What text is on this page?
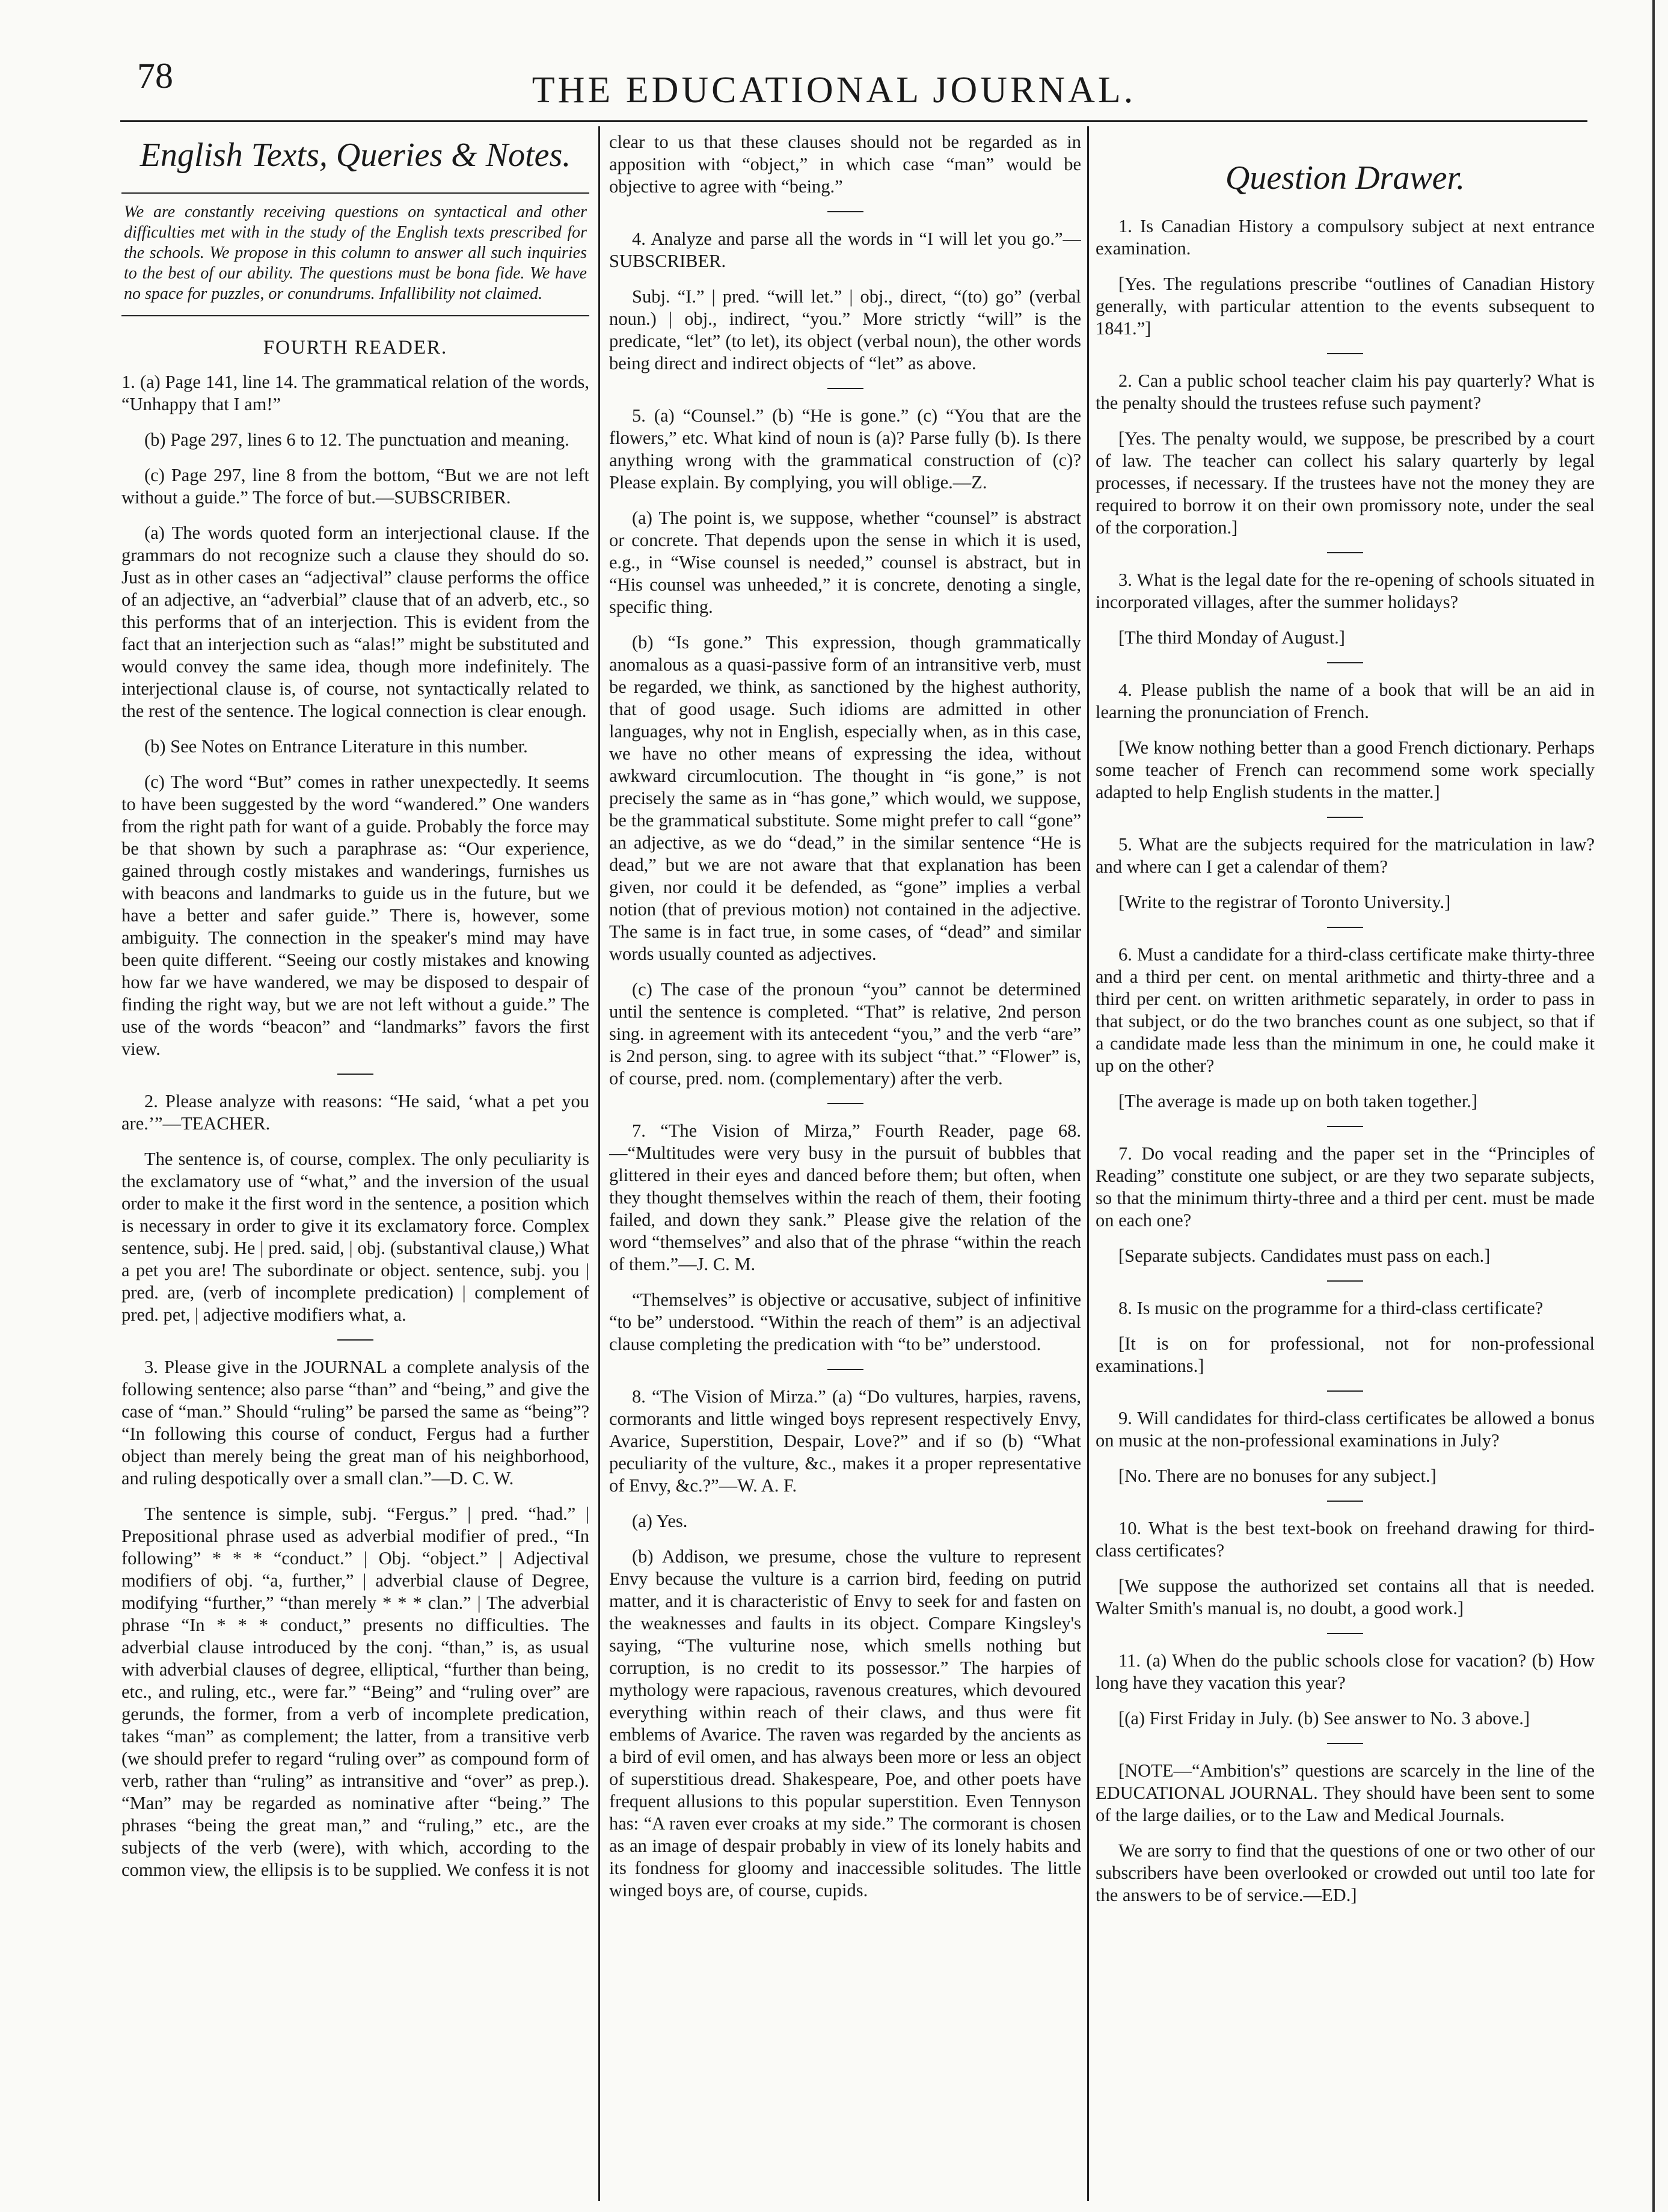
78	THE EDUCATIONAL JOURNAL.
English Texts, Queries & Notes.
We are constantly receiving questions on syntactical and other difficulties met with in the study of the English texts prescribed for the schools. We propose in this column to answer all such inquiries to the best of our ability. The questions must be bona fide. We have no space for puzzles, or conundrums. Infallibility not claimed.
FOURTH READER.

1. (a) Page 141, line 14. The grammatical relation of the words, “Unhappy that I am!”

(b) Page 297, lines 6 to 12. The punctuation and meaning.

(c) Page 297, line 8 from the bottom, “But we are not left without a guide.” The force of but.—SUBSCRIBER.

(a) The words quoted form an interjectional clause. If the grammars do not recognize such a clause they should do so. Just as in other cases an “adjectival” clause performs the office of an adjective, an “adverbial” clause that of an adverb, etc., so this performs that of an interjection. This is evident from the fact that an interjection such as “alas!” might be substituted and would convey the same idea, though more indefinitely. The interjectional clause is, of course, not syntactically related to the rest of the sentence. The logical connection is clear enough.

(b) See Notes on Entrance Literature in this number.

(c) The word “But” comes in rather unexpectedly. It seems to have been suggested by the word “wandered.” One wanders from the right path for want of a guide. Probably the force may be that shown by such a paraphrase as: “Our experience, gained through costly mistakes and wanderings, furnishes us with beacons and landmarks to guide us in the future, but we have a better and safer guide.” There is, however, some ambiguity. The connection in the speaker's mind may have been quite different. “Seeing our costly mistakes and knowing how far we have wandered, we may be disposed to despair of finding the right way, but we are not left without a guide.” The use of the words “beacon” and “landmarks” favors the first view.

2. Please analyze with reasons: “He said, ‘what a pet you are.’”—TEACHER.

The sentence is, of course, complex. The only peculiarity is the exclamatory use of “what,” and the inversion of the usual order to make it the first word in the sentence, a position which is necessary in order to give it its exclamatory force. Complex sentence, subj. He | pred. said, | obj. (substantival clause,) What a pet you are! The subordinate or object. sentence, subj. you | pred. are, (verb of incomplete predication) | complement of pred. pet, | adjective modifiers what, a.

3. Please give in the JOURNAL a complete analysis of the following sentence; also parse “than” and “being,” and give the case of “man.” Should “ruling” be parsed the same as “being”? “In following this course of conduct, Fergus had a further object than merely being the great man of his neighborhood, and ruling despotically over a small clan.”—D. C. W.

The sentence is simple, subj. “Fergus.” | pred. “had.” | Prepositional phrase used as adverbial modifier of pred., “In following” * * * “conduct.” | Obj. “object.” | Adjectival modifiers of obj. “a, further,” | adverbial clause of Degree, modifying “further,” “than merely * * * clan.” | The adverbial phrase “In * * * conduct,” presents no difficulties. The adverbial clause introduced by the conj. “than,” is, as usual with adverbial clauses of degree, elliptical, “further than being, etc., and ruling, etc., were far.” “Being” and “ruling over” are gerunds, the former, from a verb of incomplete predication, takes “man” as complement; the latter, from a transitive verb (we should prefer to regard “ruling over” as compound form of verb, rather than “ruling” as intransitive and “over” as prep.). “Man” may be regarded as nominative after “being.” The phrases “being the great man,” and “ruling,” etc., are the subjects of the verb (were), with which, according to the common view, the ellipsis is to be supplied. We confess it is not

clear to us that these clauses should not be regarded as in apposition with “object,” in which case “man” would be objective to agree with “being.”

4. Analyze and parse all the words in “I will let you go.”—SUBSCRIBER.

Subj. “I.” | pred. “will let.” | obj., direct, “(to) go” (verbal noun.) | obj., indirect, “you.” More strictly “will” is the predicate, “let” (to let), its object (verbal noun), the other words being direct and indirect objects of “let” as above.

5. (a) “Counsel.” (b) “He is gone.” (c) “You that are the flowers,” etc. What kind of noun is (a)? Parse fully (b). Is there anything wrong with the grammatical construction of (c)? Please explain. By complying, you will oblige.—Z.

(a) The point is, we suppose, whether “counsel” is abstract or concrete. That depends upon the sense in which it is used, e.g., in “Wise counsel is needed,” counsel is abstract, but in “His counsel was unheeded,” it is concrete, denoting a single, specific thing.

(b) “Is gone.” This expression, though grammatically anomalous as a quasi-passive form of an intransitive verb, must be regarded, we think, as sanctioned by the highest authority, that of good usage. Such idioms are admitted in other languages, why not in English, especially when, as in this case, we have no other means of expressing the idea, without awkward circumlocution. The thought in “is gone,” is not precisely the same as in “has gone,” which would, we suppose, be the grammatical substitute. Some might prefer to call “gone” an adjective, as we do “dead,” in the similar sentence “He is dead,” but we are not aware that that explanation has been given, nor could it be defended, as “gone” implies a verbal notion (that of previous motion) not contained in the adjective. The same is in fact true, in some cases, of “dead” and similar words usually counted as adjectives.

(c) The case of the pronoun “you” cannot be determined until the sentence is completed. “That” is relative, 2nd person sing. in agreement with its antecedent “you,” and the verb “are” is 2nd person, sing. to agree with its subject “that.” “Flower” is, of course, pred. nom. (complementary) after the verb.

7. “The Vision of Mirza,” Fourth Reader, page 68.—“Multitudes were very busy in the pursuit of bubbles that glittered in their eyes and danced before them; but often, when they thought themselves within the reach of them, their footing failed, and down they sank.” Please give the relation of the word “themselves” and also that of the phrase “within the reach of them.”—J. C. M.

“Themselves” is objective or accusative, subject of infinitive “to be” understood. “Within the reach of them” is an adjectival clause completing the predication with “to be” understood.

8. “The Vision of Mirza.” (a) “Do vultures, harpies, ravens, cormorants and little winged boys represent respectively Envy, Avarice, Superstition, Despair, Love?” and if so (b) “What peculiarity of the vulture, &c., makes it a proper representative of Envy, &c.?”—W. A. F.

(a) Yes.

(b) Addison, we presume, chose the vulture to represent Envy because the vulture is a carrion bird, feeding on putrid matter, and it is characteristic of Envy to seek for and fasten on the weaknesses and faults in its object. Compare Kingsley's saying, “The vulturine nose, which smells nothing but corruption, is no credit to its possessor.” The harpies of mythology were rapacious, ravenous creatures, which devoured everything within reach of their claws, and thus were fit emblems of Avarice. The raven was regarded by the ancients as a bird of evil omen, and has always been more or less an object of superstitious dread. Shakespeare, Poe, and other poets have frequent allusions to this popular superstition. Even Tennyson has: “A raven ever croaks at my side.” The cormorant is chosen as an image of despair probably in view of its lonely habits and its fondness for gloomy and inaccessible solitudes. The little winged boys are, of course, cupids.

Question Drawer.

1. Is Canadian History a compulsory subject at next entrance examination.

[Yes. The regulations prescribe “outlines of Canadian History generally, with particular attention to the events subsequent to 1841.”]

2. Can a public school teacher claim his pay quarterly? What is the penalty should the trustees refuse such payment?

[Yes. The penalty would, we suppose, be prescribed by a court of law. The teacher can collect his salary quarterly by legal processes, if necessary. If the trustees have not the money they are required to borrow it on their own promissory note, under the seal of the corporation.]

3. What is the legal date for the re-opening of schools situated in incorporated villages, after the summer holidays?

[The third Monday of August.]

4. Please publish the name of a book that will be an aid in learning the pronunciation of French.

[We know nothing better than a good French dictionary. Perhaps some teacher of French can recommend some work specially adapted to help English students in the matter.]

5. What are the subjects required for the matriculation in law? and where can I get a calendar of them?

[Write to the registrar of Toronto University.]

6. Must a candidate for a third-class certificate make thirty-three and a third per cent. on mental arithmetic and thirty-three and a third per cent. on written arithmetic separately, in order to pass in that subject, or do the two branches count as one subject, so that if a candidate made less than the minimum in one, he could make it up on the other?

[The average is made up on both taken together.]

7. Do vocal reading and the paper set in the “Principles of Reading” constitute one subject, or are they two separate subjects, so that the minimum thirty-three and a third per cent. must be made on each one?

[Separate subjects. Candidates must pass on each.]

8. Is music on the programme for a third-class certificate?

[It is on for professional, not for non-professional examinations.]

9. Will candidates for third-class certificates be allowed a bonus on music at the non-professional examinations in July?

[No. There are no bonuses for any subject.]

10. What is the best text-book on freehand drawing for third-class certificates?

[We suppose the authorized set contains all that is needed. Walter Smith's manual is, no doubt, a good work.]

11. (a) When do the public schools close for vacation? (b) How long have they vacation this year?

[(a) First Friday in July. (b) See answer to No. 3 above.]

[NOTE—“Ambition's” questions are scarcely in the line of the EDUCATIONAL JOURNAL. They should have been sent to some of the large dailies, or to the Law and Medical Journals.

We are sorry to find that the questions of one or two other of our subscribers have been overlooked or crowded out until too late for the answers to be of service.—ED.]
